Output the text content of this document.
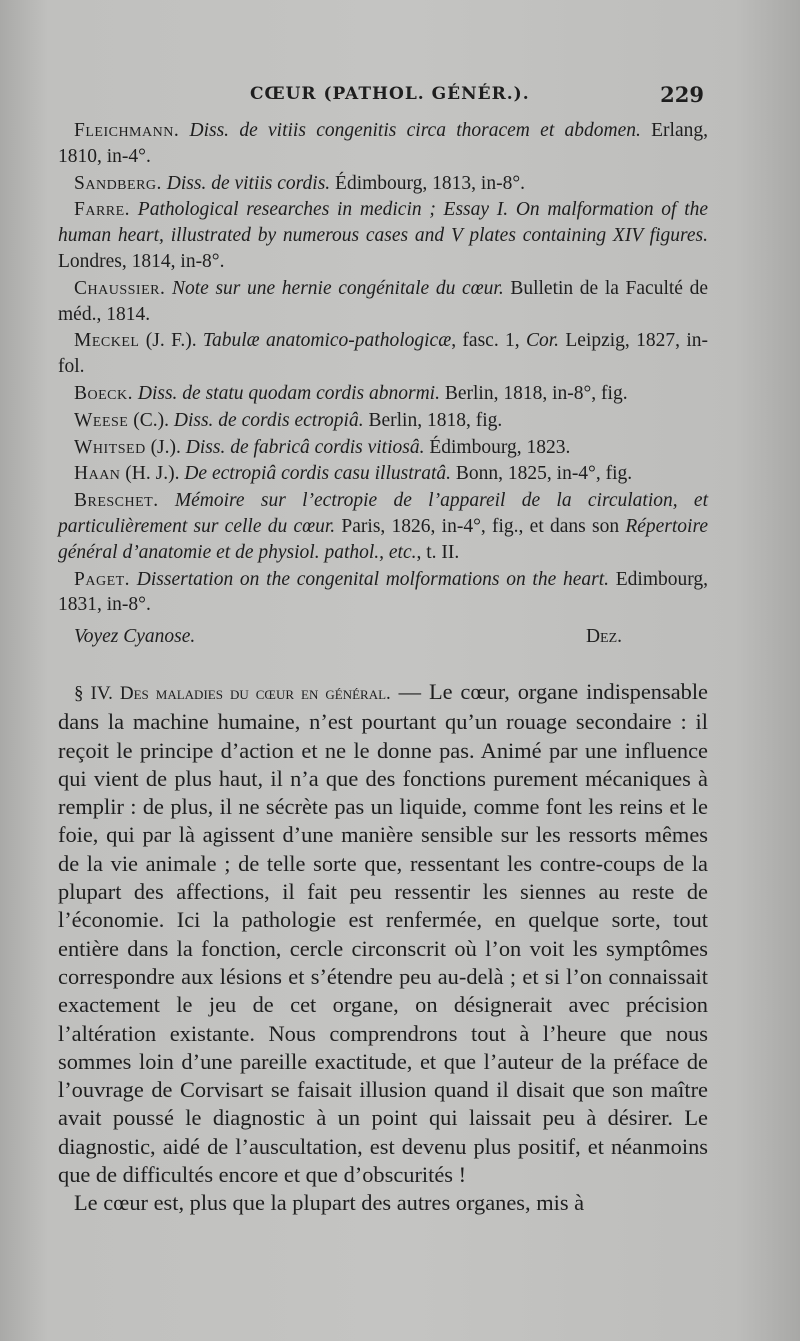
CŒUR (PATHOL. GÉNÉR.).	229
Fleichmann. Diss. de vitiis congenitis circa thoracem et abdomen. Erlang, 1810, in-4°.
Sandberg. Diss. de vitiis cordis. Édimbourg, 1813, in-8°.
Farre. Pathological researches in medicin ; Essay I. On malformation of the human heart, illustrated by numerous cases and V plates containing XIV figures. Londres, 1814, in-8°.
Chaussier. Note sur une hernie congénitale du cœur. Bulletin de la Faculté de méd., 1814.
Meckel (J. F.). Tabulæ anatomico-pathologicæ, fasc. 1, Cor. Leipzig, 1827, in-fol.
Boeck. Diss. de statu quodam cordis abnormi. Berlin, 1818, in-8°, fig.
Weese (C.). Diss. de cordis ectropiâ. Berlin, 1818, fig.
Whitsed (J.). Diss. de fabricâ cordis vitiosâ. Édimbourg, 1823.
Haan (H. J.). De ectropiâ cordis casu illustratâ. Bonn, 1825, in-4°, fig.
Breschet. Mémoire sur l’ectropie de l’appareil de la circulation, et particulièrement sur celle du cœur. Paris, 1826, in-4°, fig., et dans son Répertoire général d’anatomie et de physiol. pathol., etc., t. II.
Paget. Dissertation on the congenital molformations on the heart. Edimbourg, 1831, in-8°.
Voyez Cyanose.	Dez.

§ IV. Des maladies du cœur en général. — Le cœur, organe indispensable dans la machine humaine, n’est pourtant qu’un rouage secondaire : il reçoit le principe d’action et ne le donne pas. Animé par une influence qui vient de plus haut, il n’a que des fonctions purement mécaniques à remplir : de plus, il ne sécrète pas un liquide, comme font les reins et le foie, qui par là agissent d’une manière sensible sur les ressorts mêmes de la vie animale ; de telle sorte que, ressentant les contre-coups de la plupart des affections, il fait peu ressentir les siennes au reste de l’économie. Ici la pathologie est renfermée, en quelque sorte, tout entière dans la fonction, cercle circonscrit où l’on voit les symptômes correspondre aux lésions et s’étendre peu au-delà ; et si l’on connaissait exactement le jeu de cet organe, on désignerait avec précision l’altération existante. Nous comprendrons tout à l’heure que nous sommes loin d’une pareille exactitude, et que l’auteur de la préface de l’ouvrage de Corvisart se faisait illusion quand il disait que son maître avait poussé le diagnostic à un point qui laissait peu à désirer. Le diagnostic, aidé de l’auscultation, est devenu plus positif, et néanmoins que de difficultés encore et que d’obscurités !

Le cœur est, plus que la plupart des autres organes, mis à
